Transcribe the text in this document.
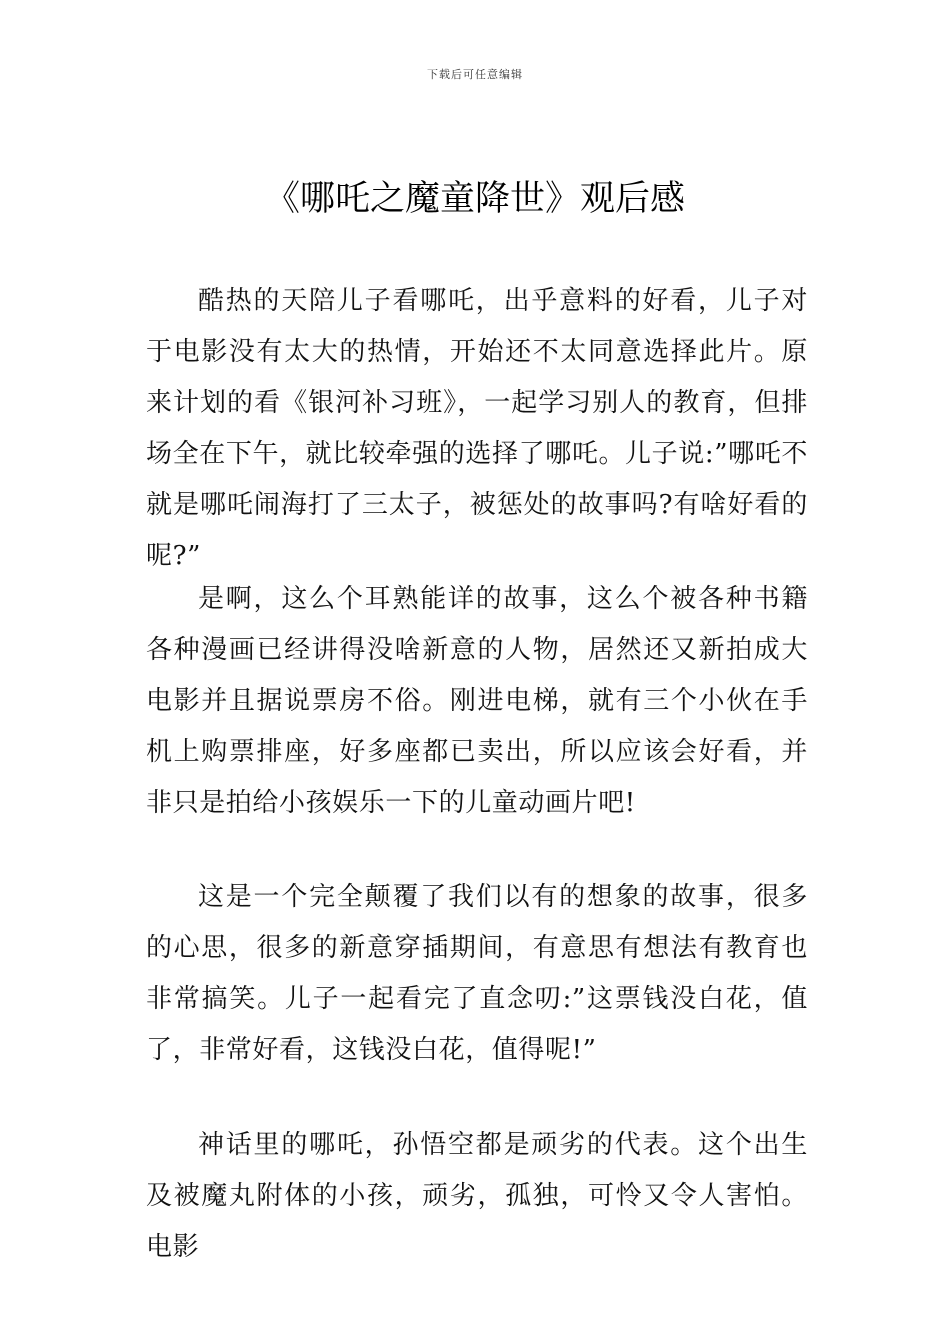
下载后可任意编辑
《哪吒之魔童降世》观后感

酷热的天陪儿子看哪吒，出乎意料的好看，儿子对于电影没有太大的热情，开始还不太同意选择此片。原来计划的看《银河补习班》，一起学习别人的教育，但排场全在下午，就比较牵强的选择了哪吒。儿子说:”哪吒不就是哪吒闹海打了三太子，被惩处的故事吗?有啥好看的呢?”

是啊，这么个耳熟能详的故事，这么个被各种书籍各种漫画已经讲得没啥新意的人物，居然还又新拍成大电影并且据说票房不俗。刚进电梯，就有三个小伙在手机上购票排座，好多座都已卖出，所以应该会好看，并非只是拍给小孩娱乐一下的儿童动画片吧!

这是一个完全颠覆了我们以有的想象的故事，很多的心思，很多的新意穿插期间，有意思有想法有教育也非常搞笑。儿子一起看完了直念叨:”这票钱没白花，值了，非常好看，这钱没白花，值得呢!”

神话里的哪吒，孙悟空都是顽劣的代表。这个出生及被魔丸附体的小孩，顽劣，孤独，可怜又令人害怕。电影
